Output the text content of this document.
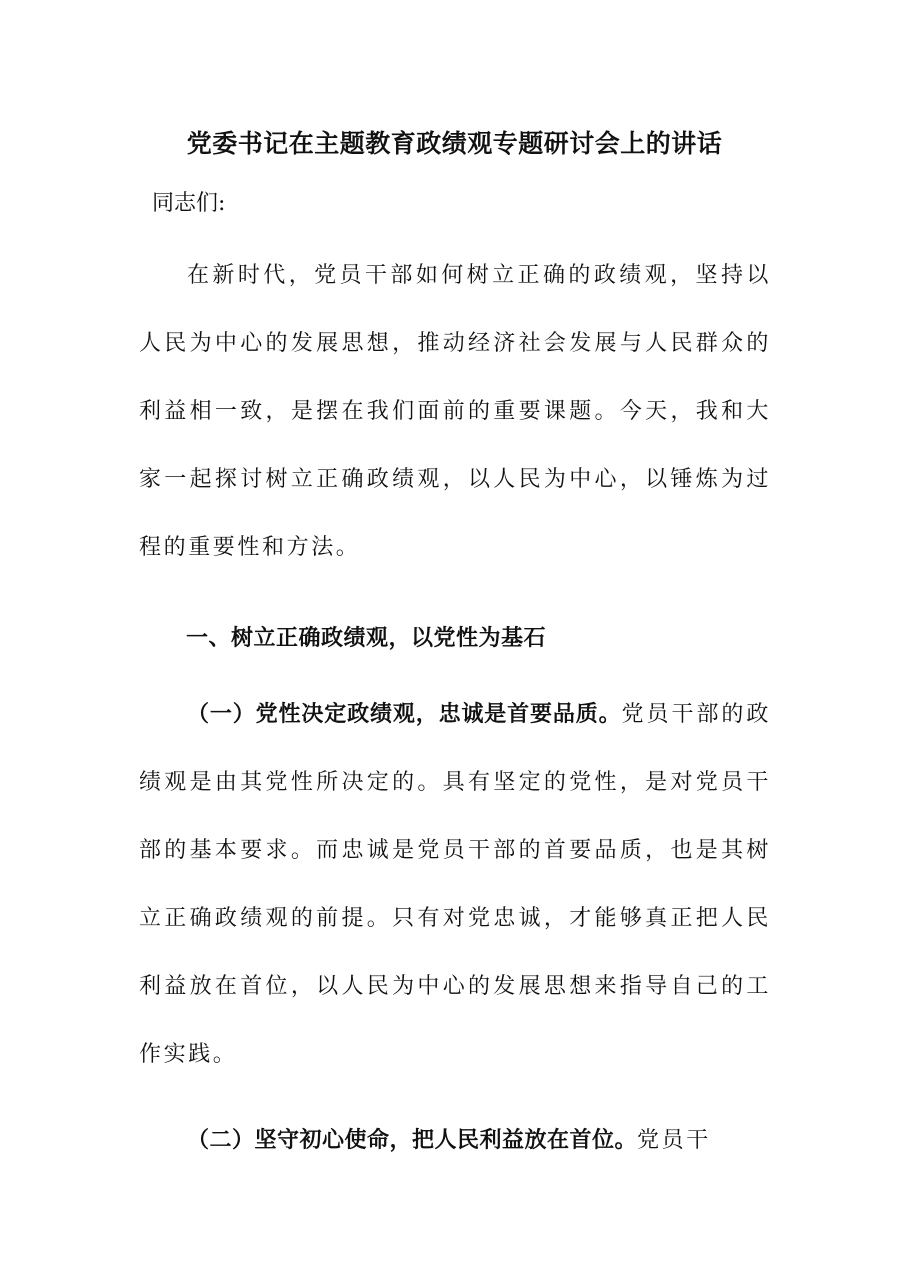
党委书记在主题教育政绩观专题研讨会上的讲话

同志们:

在新时代，党员干部如何树立正确的政绩观，坚持以人民为中心的发展思想，推动经济社会发展与人民群众的利益相一致，是摆在我们面前的重要课题。今天，我和大家一起探讨树立正确政绩观，以人民为中心，以锤炼为过程的重要性和方法。

一、树立正确政绩观，以党性为基石

（一）党性决定政绩观，忠诚是首要品质。党员干部的政绩观是由其党性所决定的。具有坚定的党性，是对党员干部的基本要求。而忠诚是党员干部的首要品质，也是其树立正确政绩观的前提。只有对党忠诚，才能够真正把人民利益放在首位，以人民为中心的发展思想来指导自己的工作实践。

（二）坚守初心使命，把人民利益放在首位。党员干
